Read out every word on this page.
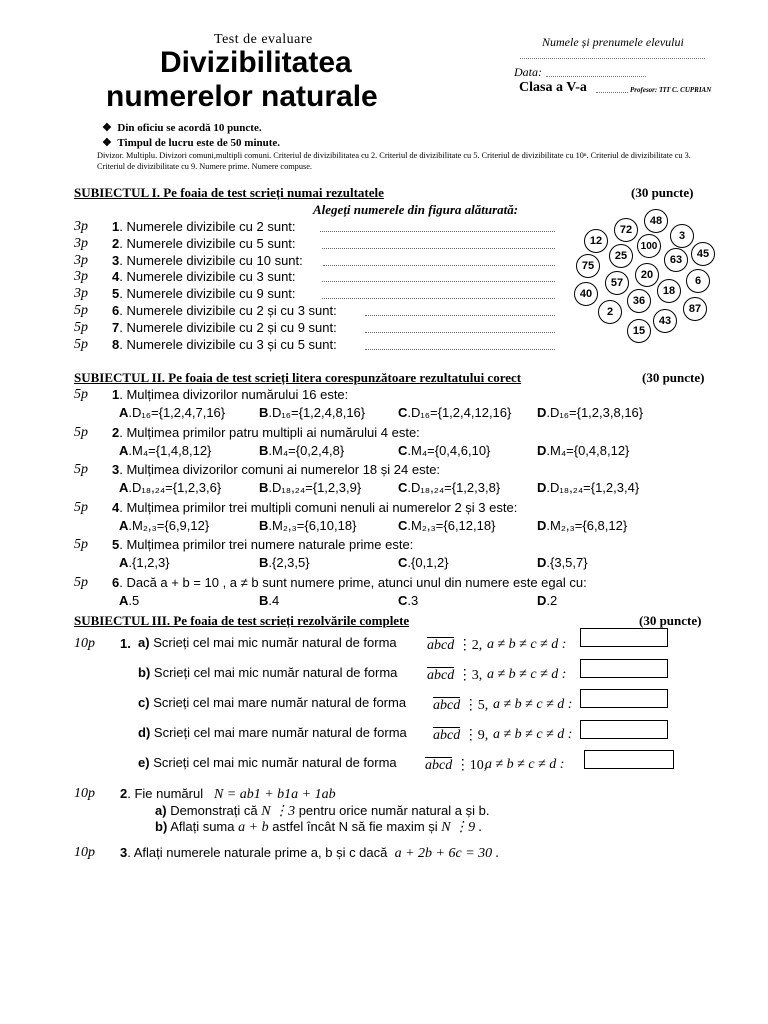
Test de evaluare
Divizibilitatea
numerelor naturale
Numele și prenumele elevului
Data:
Clasa a V-a	Profesor: TIT C. CUPRIAN
❖ Din oficiu se acordă 10 puncte.
❖ Timpul de lucru este de 50 minute.
Divizor. Multiplu. Divizori comuni,multipli comuni. Criteriul de divizibilitatea cu 2. Criteriul de divizibilitate cu 5. Criteriul de divizibilitate cu 10ⁿ. Criteriul de divizibilitate cu 3. Criteriul de divizibilitate cu 9. Numere prime. Numere compuse.
SUBIECTUL I. Pe foaia de test scrieți numai rezultatele	(30 puncte)
Alegeți numerele din figura alăturată:
3p 1. Numerele divizibile cu 2 sunt:
3p 2. Numerele divizibile cu 5 sunt:
3p 3. Numerele divizibile cu 10 sunt:
3p 4. Numerele divizibile cu 3 sunt:
3p 5. Numerele divizibile cu 9 sunt:
5p 6. Numerele divizibile cu 2 și cu 3 sunt:
5p 7. Numerele divizibile cu 2 și cu 9 sunt:
5p 8. Numerele divizibile cu 3 și cu 5 sunt:
48
72
12	3
100
25	45
63
75
20	6
57
40	18
36
87
2
43
15
SUBIECTUL II. Pe foaia de test scrieți litera corespunzătoare rezultatului corect	(30 puncte)
5p 1. Mulțimea divizorilor numărului 16 este:
A.D₁₆={1,2,4,7,16}	B.D₁₆={1,2,4,8,16}	C.D₁₆={1,2,4,12,16} D.D₁₆={1,2,3,8,16}
5p 2. Mulțimea primilor patru multipli ai numărului 4 este:
A.M₄={1,4,8,12}	B.M₄={0,2,4,8}	C.M₄={0,4,6,10}	D.M₄={0,4,8,12}
5p 3. Mulțimea divizorilor comuni ai numerelor 18 și 24 este:
A.D₁₈,₂₄={1,2,3,6}	B.D₁₈,₂₄={1,2,3,9}	C.D₁₈,₂₄={1,2,3,8}	D.D₁₈,₂₄={1,2,3,4}
5p 4. Mulțimea primilor trei multipli comuni nenuli ai numerelor 2 și 3 este:
A.M₂,₃={6,9,12}	B.M₂,₃={6,10,18}	C.M₂,₃={6,12,18}	D.M₂,₃={6,8,12}
5p 5. Mulțimea primilor trei numere naturale prime este:
A.{1,2,3}	B.{2,3,5}	C.{0,1,2}	D.{3,5,7}
5p 6. Dacă a + b = 10 , a ≠ b sunt numere prime, atunci unul din numere este egal cu:
A.5	B.4	C.3	D.2
SUBIECTUL III. Pe foaia de test scrieți rezolvările complete	(30 puncte)
10p 1. a) Scrieți cel mai mic număr natural de forma abcd ⋮2, a ≠ b ≠ c ≠ d :
b) Scrieți cel mai mic număr natural de forma abcd ⋮3, a ≠ b ≠ c ≠ d :
c) Scrieți cel mai mare număr natural de forma abcd ⋮5, a ≠ b ≠ c ≠ d :
d) Scrieți cel mai mare număr natural de forma abcd ⋮9, a ≠ b ≠ c ≠ d :
e) Scrieți cel mai mic număr natural de forma abcd ⋮10,
a ≠ b ≠ c ≠ d :
10p 2. Fie numărul N = ab1 + b1a + 1ab
a) Demonstrați că N ⋮3 pentru orice număr natural a și b.
b) Aflați suma a + b astfel încât N să fie maxim și N ⋮9 .
10p 3. Aflați numerele naturale prime a, b și c dacă a + 2b + 6c = 30 .
